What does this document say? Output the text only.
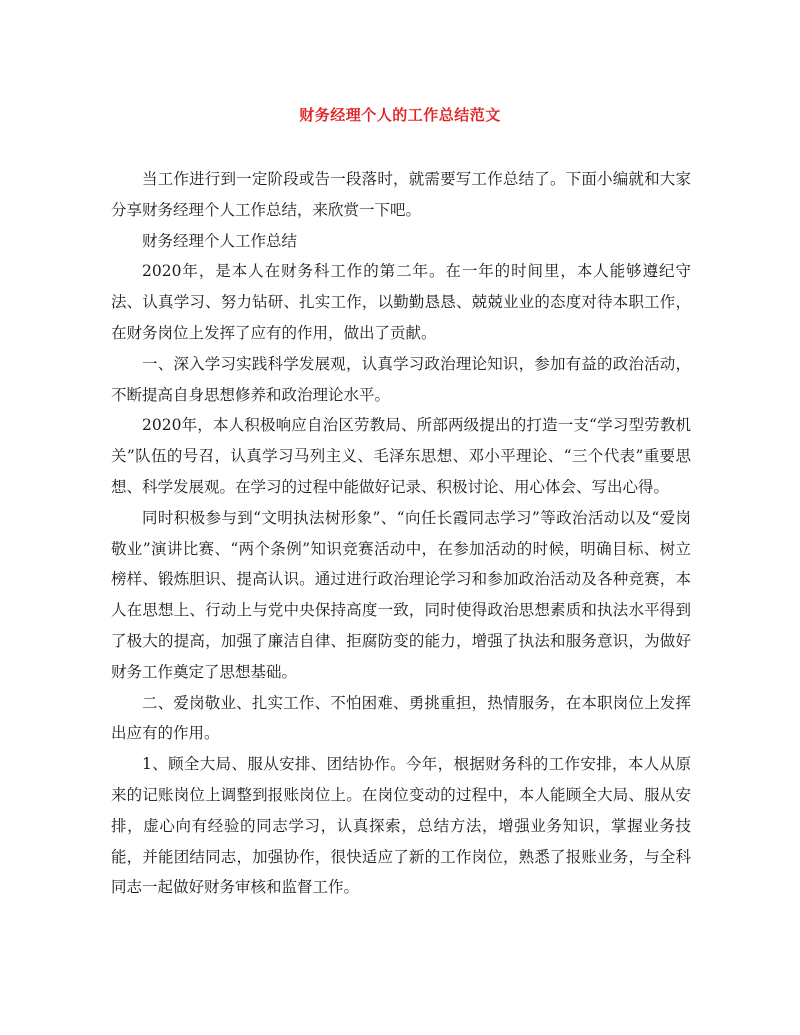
财务经理个人的工作总结范文

当工作进行到一定阶段或告一段落时，就需要写工作总结了。下面小编就和大家分享财务经理个人工作总结，来欣赏一下吧。

财务经理个人工作总结

2020年，是本人在财务科工作的第二年。在一年的时间里，本人能够遵纪守法、认真学习、努力钻研、扎实工作，以勤勤恳恳、兢兢业业的态度对待本职工作，在财务岗位上发挥了应有的作用，做出了贡献。

一、深入学习实践科学发展观，认真学习政治理论知识，参加有益的政治活动，不断提高自身思想修养和政治理论水平。

2020年，本人积极响应自治区劳教局、所部两级提出的打造一支“学习型劳教机关”队伍的号召，认真学习马列主义、毛泽东思想、邓小平理论、“三个代表”重要思想、科学发展观。在学习的过程中能做好记录、积极讨论、用心体会、写出心得。

同时积极参与到“文明执法树形象”、“向任长霞同志学习”等政治活动以及“爱岗敬业”演讲比赛、“两个条例”知识竞赛活动中，在参加活动的时候，明确目标、树立榜样、锻炼胆识、提高认识。通过进行政治理论学习和参加政治活动及各种竞赛，本人在思想上、行动上与党中央保持高度一致，同时使得政治思想素质和执法水平得到了极大的提高，加强了廉洁自律、拒腐防变的能力，增强了执法和服务意识，为做好财务工作奠定了思想基础。

二、爱岗敬业、扎实工作、不怕困难、勇挑重担，热情服务，在本职岗位上发挥出应有的作用。

1、顾全大局、服从安排、团结协作。今年，根据财务科的工作安排，本人从原来的记账岗位上调整到报账岗位上。在岗位变动的过程中，本人能顾全大局、服从安排，虚心向有经验的同志学习，认真探索，总结方法，增强业务知识，掌握业务技能，并能团结同志，加强协作，很快适应了新的工作岗位，熟悉了报账业务，与全科同志一起做好财务审核和监督工作。
